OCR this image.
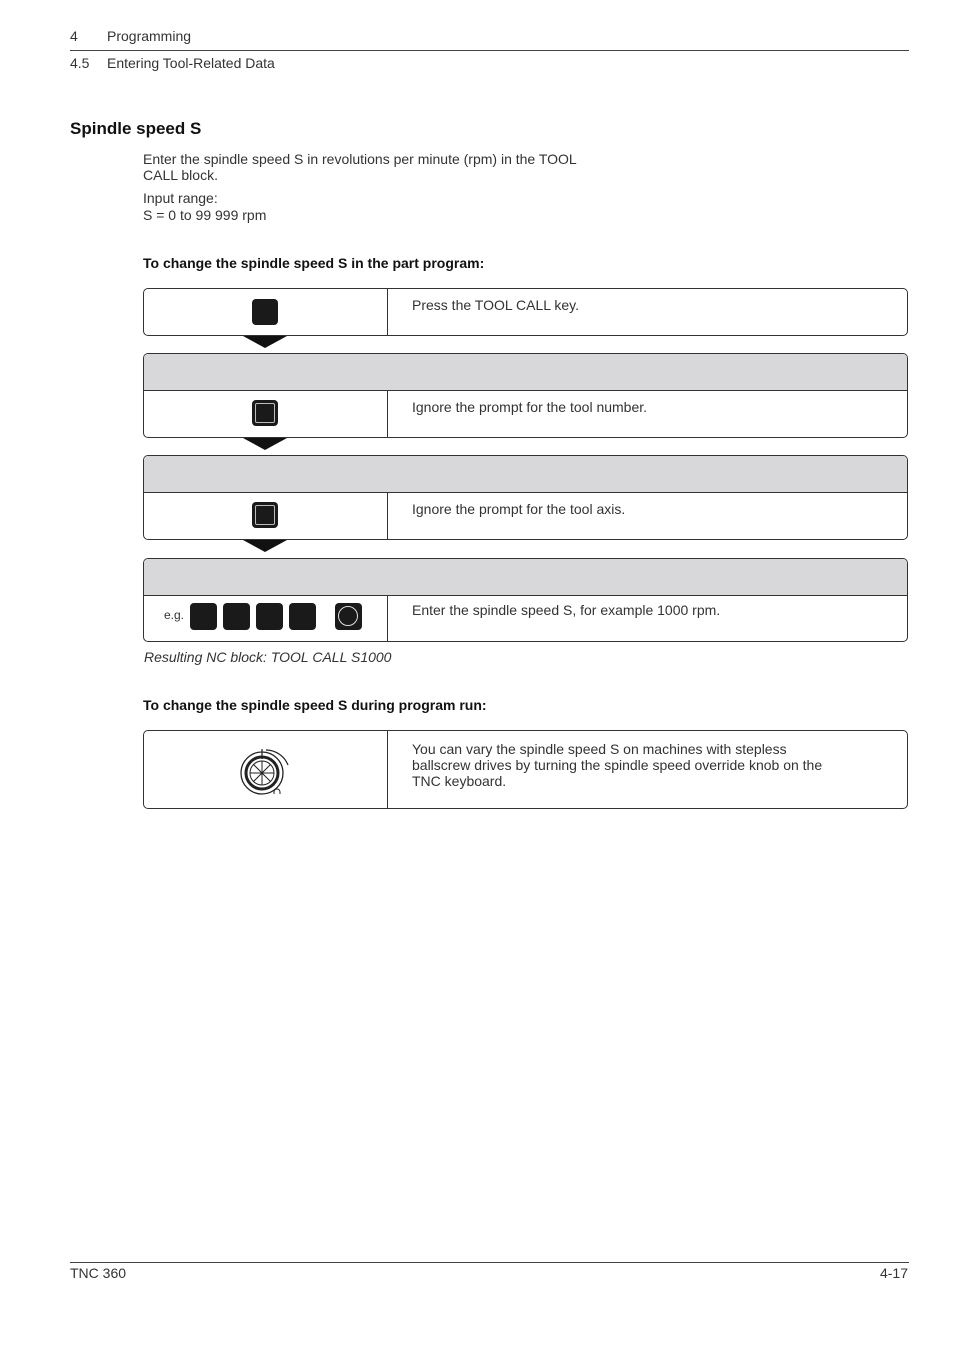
4 Programming
4.5 Entering Tool-Related Data
Spindle speed S
Enter the spindle speed S in revolutions per minute (rpm) in the TOOL
CALL block.
Input range:
S = 0 to 99 999 rpm
To change the spindle speed S in the part program:
Press the TOOL CALL key.
Ignore the prompt for the tool number.
Ignore the prompt for the tool axis.
e.g.	Enter the spindle speed S, for example 1000 rpm.
Resulting NC block: TOOL CALL S1000
To change the spindle speed S during program run:
You can vary the spindle speed S on machines with stepless
ballscrew drives by turning the spindle speed override knob on the
TNC keyboard.
TNC 360	4-17
